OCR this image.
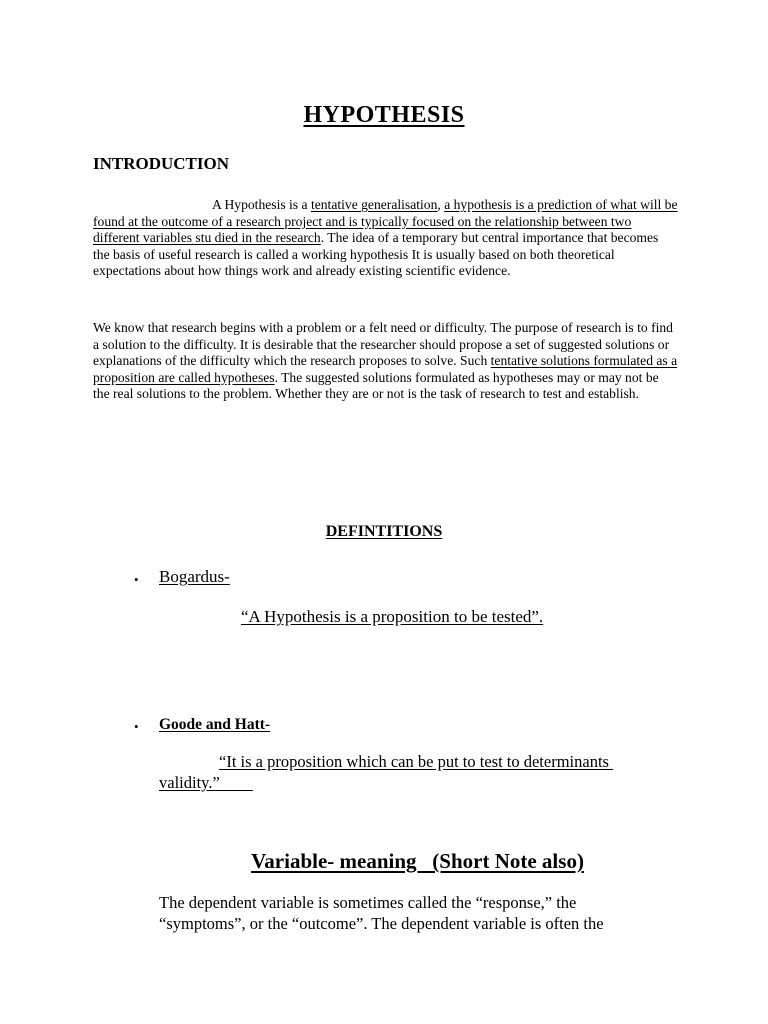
HYPOTHESIS
INTRODUCTION
A Hypothesis is a tentative generalisation, a hypothesis is a prediction of what will be found at the outcome of a research project and is typically focused on the relationship between two different variables stu died in the research. The idea of a temporary but central importance that becomes the basis of useful research is called a working hypothesis It is usually based on both theoretical expectations about how things work and already existing scientific evidence.
We know that research begins with a problem or a felt need or difficulty. The purpose of research is to find a solution to the difficulty. It is desirable that the researcher should propose a set of suggested solutions or explanations of the difficulty which the research proposes to solve. Such tentative solutions formulated as a proposition are called hypotheses. The suggested solutions formulated as hypotheses may or may not be the real solutions to the problem. Whether they are or not is the task of research to test and establish.
DEFINTITIONS
• Bogardus-
“A Hypothesis is a proposition to be tested”.
• Goode and Hatt-
“It is a proposition which can be put to test to determinants
validity.”
Variable- meaning   (Short Note also)
The dependent variable is sometimes called the “response,” the “symptoms”, or the “outcome”. The dependent variable is often the
